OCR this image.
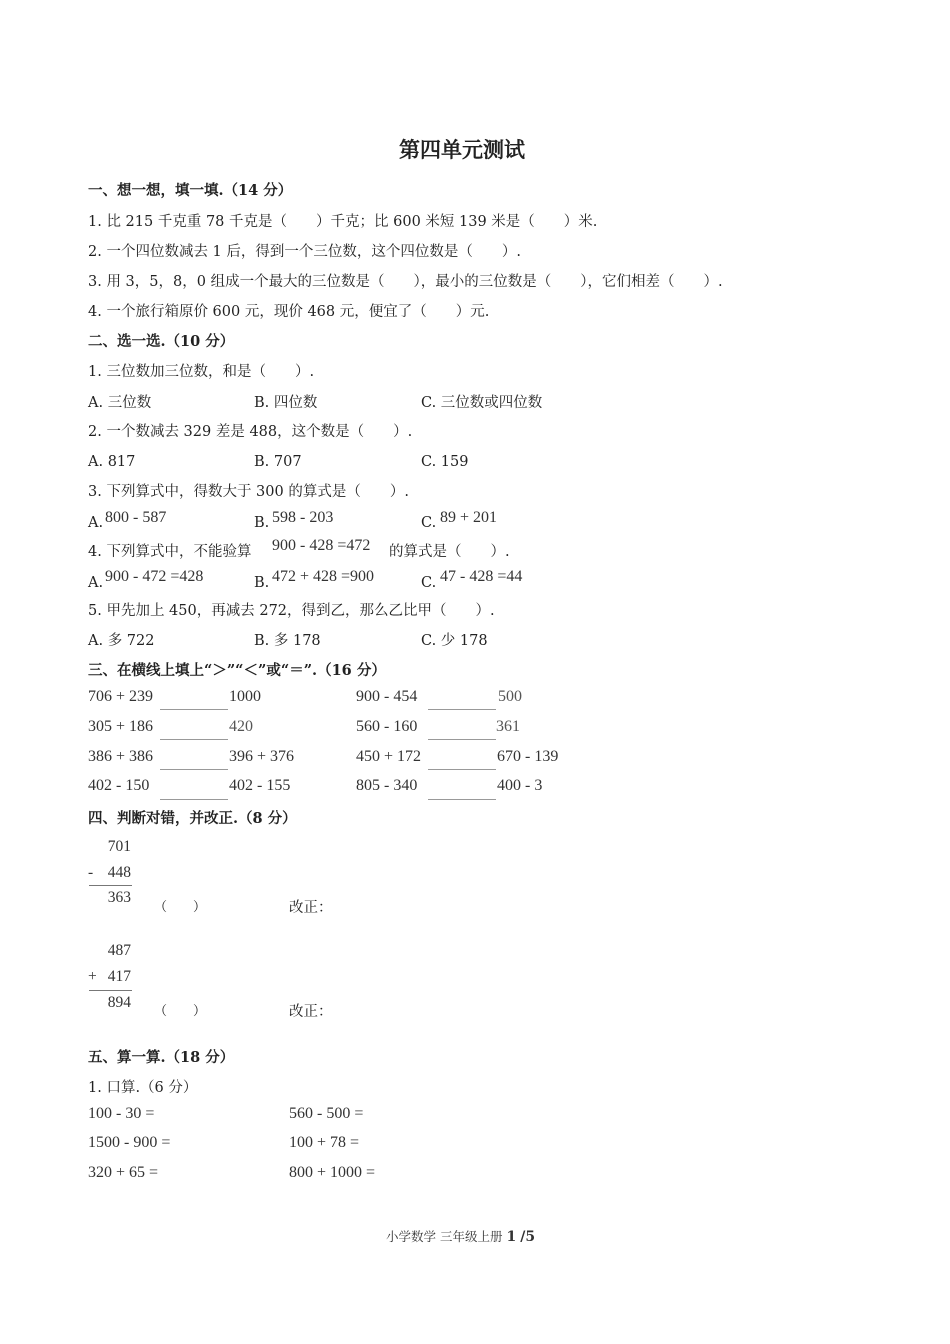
第四单元测试
一、想一想，填一填.（14 分）
1. 比 215 千克重 78 千克是（　　）千克；比 600 米短 139 米是（　　）米.
2. 一个四位数减去 1 后，得到一个三位数，这个四位数是（　　）.
3. 用 3，5，8，0 组成一个最大的三位数是（　　），最小的三位数是（　　），它们相差（　　）.
4. 一个旅行箱原价 600 元，现价 468 元，便宜了（　　）元.
二、选一选.（10 分）
1. 三位数加三位数，和是（　　）.
A. 三位数	B. 四位数	C. 三位数或四位数
2. 一个数减去 329 差是 488，这个数是（　　）.
A. 817	B. 707	C. 159
3. 下列算式中，得数大于 300 的算式是（　　）.
A. 800 - 587	B. 598 - 203	C. 89 + 201
4. 下列算式中，不能验算 900 - 428 =472 的算式是（　　）.
A. 900 - 472 =428	B. 472 + 428 =900	C. 47 - 428 =44
5. 甲先加上 450，再减去 272，得到乙，那么乙比甲（　　）.
A. 多 722	B. 多 178	C. 少 178
三、在横线上填上“＞”“＜”或“＝”.（16 分）
706 + 239	1000	900 - 454	500
305 + 186	420	560 - 160	361
386 + 386	396 + 376	450 + 172	670 - 139
402 - 150	402 - 155	805 - 340	400 - 3
四、判断对错，并改正.（8 分）
701
- 448
363
（　　）	改正：
487
+ 417
894
（　　）	改正：
五、算一算.（18 分）
1. 口算.（6 分）
100 - 30 =	560 - 500 =
1500 - 900 =	100 + 78 =
320 + 65 =	800 + 1000 =
小学数学 三年级上册 1 /5
